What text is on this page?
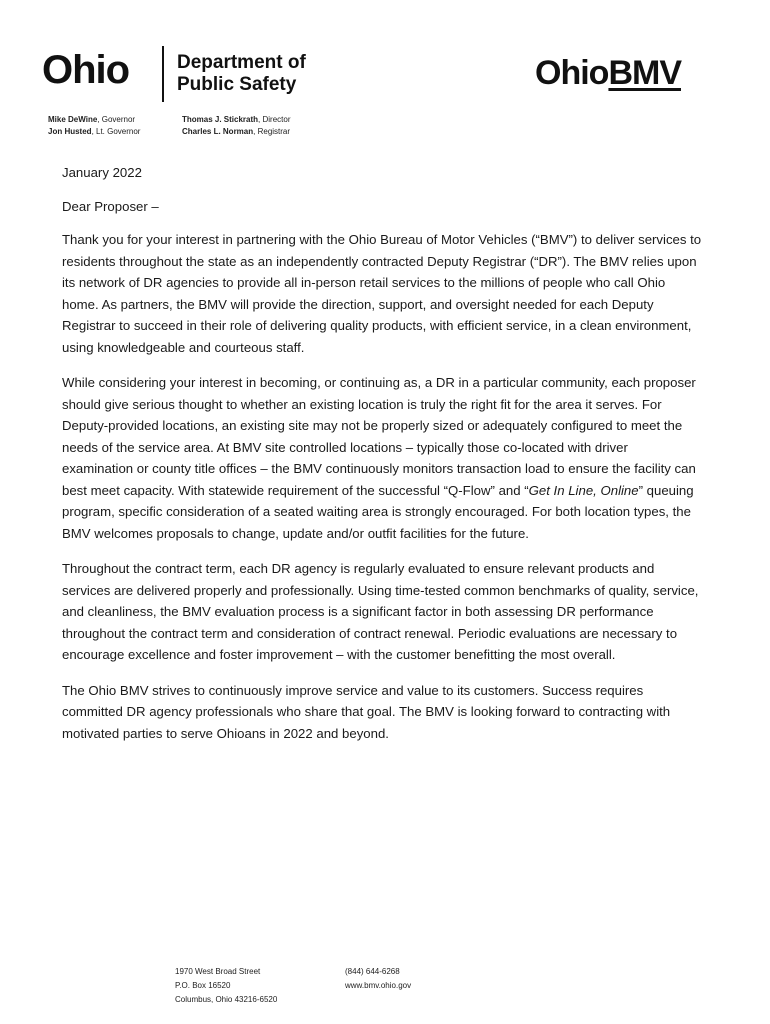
Ohio	Department of
Public Safety	OhioBMV
Mike DeWine, Governor
Jon Husted, Lt. Governor
Thomas J. Stickrath, Director
Charles L. Norman, Registrar

January 2022

Dear Proposer –

Thank you for your interest in partnering with the Ohio Bureau of Motor Vehicles (“BMV”) to deliver services to residents throughout the state as an independently contracted Deputy Registrar (“DR”). The BMV relies upon its network of DR agencies to provide all in-person retail services to the millions of people who call Ohio home. As partners, the BMV will provide the direction, support, and oversight needed for each Deputy Registrar to succeed in their role of delivering quality products, with efficient service, in a clean environment, using knowledgeable and courteous staff.

While considering your interest in becoming, or continuing as, a DR in a particular community, each proposer should give serious thought to whether an existing location is truly the right fit for the area it serves. For Deputy-provided locations, an existing site may not be properly sized or adequately configured to meet the needs of the service area. At BMV site controlled locations – typically those co-located with driver examination or county title offices – the BMV continuously monitors transaction load to ensure the facility can best meet capacity. With statewide requirement of the successful “Q-Flow” and “Get In Line, Online” queuing program, specific consideration of a seated waiting area is strongly encouraged. For both location types, the BMV welcomes proposals to change, update and/or outfit facilities for the future.

Throughout the contract term, each DR agency is regularly evaluated to ensure relevant products and services are delivered properly and professionally. Using time-tested common benchmarks of quality, service, and cleanliness, the BMV evaluation process is a significant factor in both assessing DR performance throughout the contract term and consideration of contract renewal. Periodic evaluations are necessary to encourage excellence and foster improvement – with the customer benefitting the most overall.

The Ohio BMV strives to continuously improve service and value to its customers. Success requires committed DR agency professionals who share that goal. The BMV is looking forward to contracting with motivated parties to serve Ohioans in 2022 and beyond.

1970 West Broad Street
P.O. Box 16520
Columbus, Ohio 43216-6520
(844) 644-6268
www.bmv.ohio.gov
